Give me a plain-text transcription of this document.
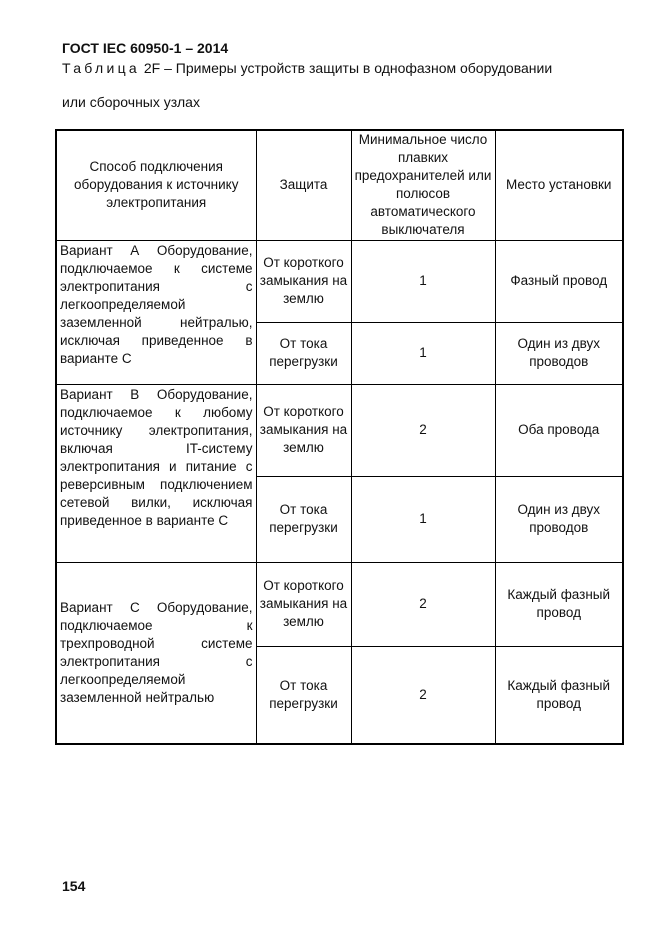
ГОСТ IEC 60950-1 – 2014
Таблица 2F – Примеры устройств защиты в однофазном оборудовании
или сборочных узлах
Способ подключения оборудования к источнику электропитания	Защита	Минимальное число плавких предохранителей или полюсов автоматического выключателя	Место установки
Вариант А Оборудование, подключаемое к системе электропитания с легкоопределяемой заземленной нейтралью, исключая приведенное в варианте С	От короткого замыкания на землю	1	Фазный провод
	От тока перегрузки	1	Один из двух проводов
Вариант В Оборудование, подключаемое к любому источнику электропитания, включая IT-систему электропитания и питание с реверсивным подключением сетевой вилки, исключая приведенное в варианте С	От короткого замыкания на землю	2	Оба провода
	От тока перегрузки	1	Один из двух проводов
Вариант С Оборудование, подключаемое к трехпроводной системе электропитания с легкоопределяемой заземленной нейтралью	От короткого замыкания на землю	2	Каждый фазный провод
	От тока перегрузки	2	Каждый фазный провод
154
